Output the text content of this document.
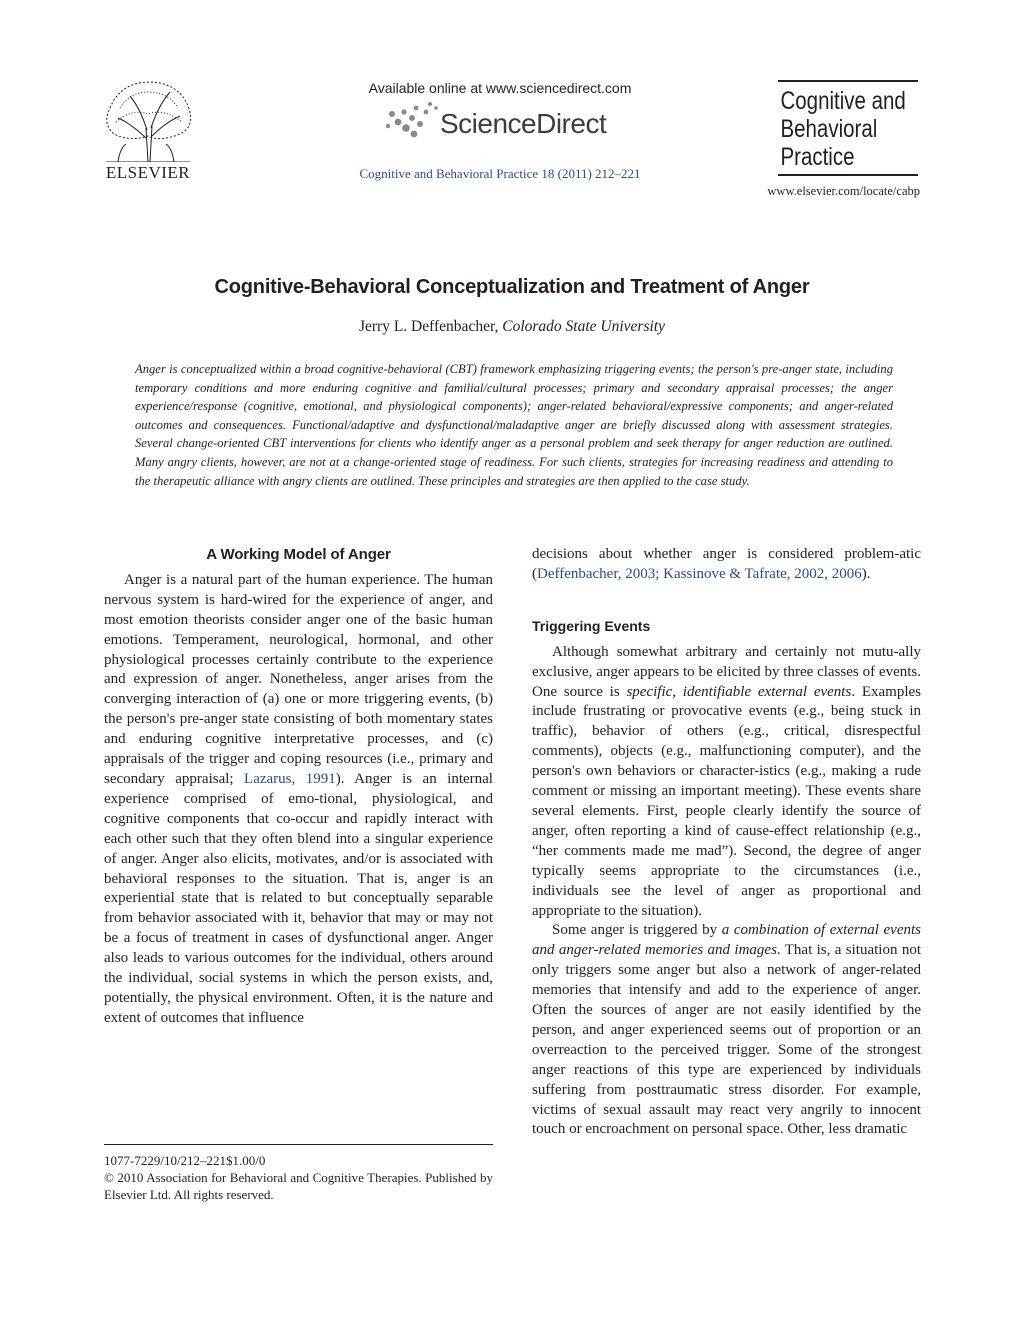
ELSEVIER
Available online at www.sciencedirect.com
ScienceDirect
Cognitive and Behavioral Practice 18 (2011) 212–221
Cognitive and
Behavioral
Practice
www.elsevier.com/locate/cabp
Cognitive-Behavioral Conceptualization and Treatment of Anger
Jerry L. Deffenbacher, Colorado State University
Anger is conceptualized within a broad cognitive-behavioral (CBT) framework emphasizing triggering events; the person's pre-anger state, including temporary conditions and more enduring cognitive and familial/cultural processes; primary and secondary appraisal processes; the anger experience/response (cognitive, emotional, and physiological components); anger-related behavioral/expressive components; and anger-related outcomes and consequences. Functional/adaptive and dysfunctional/maladaptive anger are briefly discussed along with assessment strategies. Several change-oriented CBT interventions for clients who identify anger as a personal problem and seek therapy for anger reduction are outlined. Many angry clients, however, are not at a change-oriented stage of readiness. For such clients, strategies for increasing readiness and attending to the therapeutic alliance with angry clients are outlined. These principles and strategies are then applied to the case study.
A Working Model of Anger

Anger is a natural part of the human experience. The human nervous system is hard-wired for the experience of anger, and most emotion theorists consider anger one of the basic human emotions. Temperament, neurological, hormonal, and other physiological processes certainly contribute to the experience and expression of anger. Nonetheless, anger arises from the converging interaction of (a) one or more triggering events, (b) the person's pre-anger state consisting of both momentary states and enduring cognitive interpretative processes, and (c) appraisals of the trigger and coping resources (i.e., primary and secondary appraisal; Lazarus, 1991). Anger is an internal experience comprised of emo-tional, physiological, and cognitive components that co-occur and rapidly interact with each other such that they often blend into a singular experience of anger. Anger also elicits, motivates, and/or is associated with behavioral responses to the situation. That is, anger is an experiential state that is related to but conceptually separable from behavior associated with it, behavior that may or may not be a focus of treatment in cases of dysfunctional anger. Anger also leads to various outcomes for the individual, others around the individual, social systems in which the person exists, and, potentially, the physical environment. Often, it is the nature and extent of outcomes that influence

1077-7229/10/212–221$1.00/0
© 2010 Association for Behavioral and Cognitive Therapies. Published by Elsevier Ltd. All rights reserved.

decisions about whether anger is considered problem-atic (Deffenbacher, 2003; Kassinove & Tafrate, 2002, 2006).

Triggering Events

Although somewhat arbitrary and certainly not mutu-ally exclusive, anger appears to be elicited by three classes of events. One source is specific, identifiable external events. Examples include frustrating or provocative events (e.g., being stuck in traffic), behavior of others (e.g., critical, disrespectful comments), objects (e.g., malfunctioning computer), and the person's own behaviors or character-istics (e.g., making a rude comment or missing an important meeting). These events share several elements. First, people clearly identify the source of anger, often reporting a kind of cause-effect relationship (e.g., “her comments made me mad”). Second, the degree of anger typically seems appropriate to the circumstances (i.e., individuals see the level of anger as proportional and appropriate to the situation).

Some anger is triggered by a combination of external events and anger-related memories and images. That is, a situation not only triggers some anger but also a network of anger-related memories that intensify and add to the experience of anger. Often the sources of anger are not easily identified by the person, and anger experienced seems out of proportion or an overreaction to the perceived trigger. Some of the strongest anger reactions of this type are experienced by individuals suffering from posttraumatic stress disorder. For example, victims of sexual assault may react very angrily to innocent touch or encroachment on personal space. Other, less dramatic
